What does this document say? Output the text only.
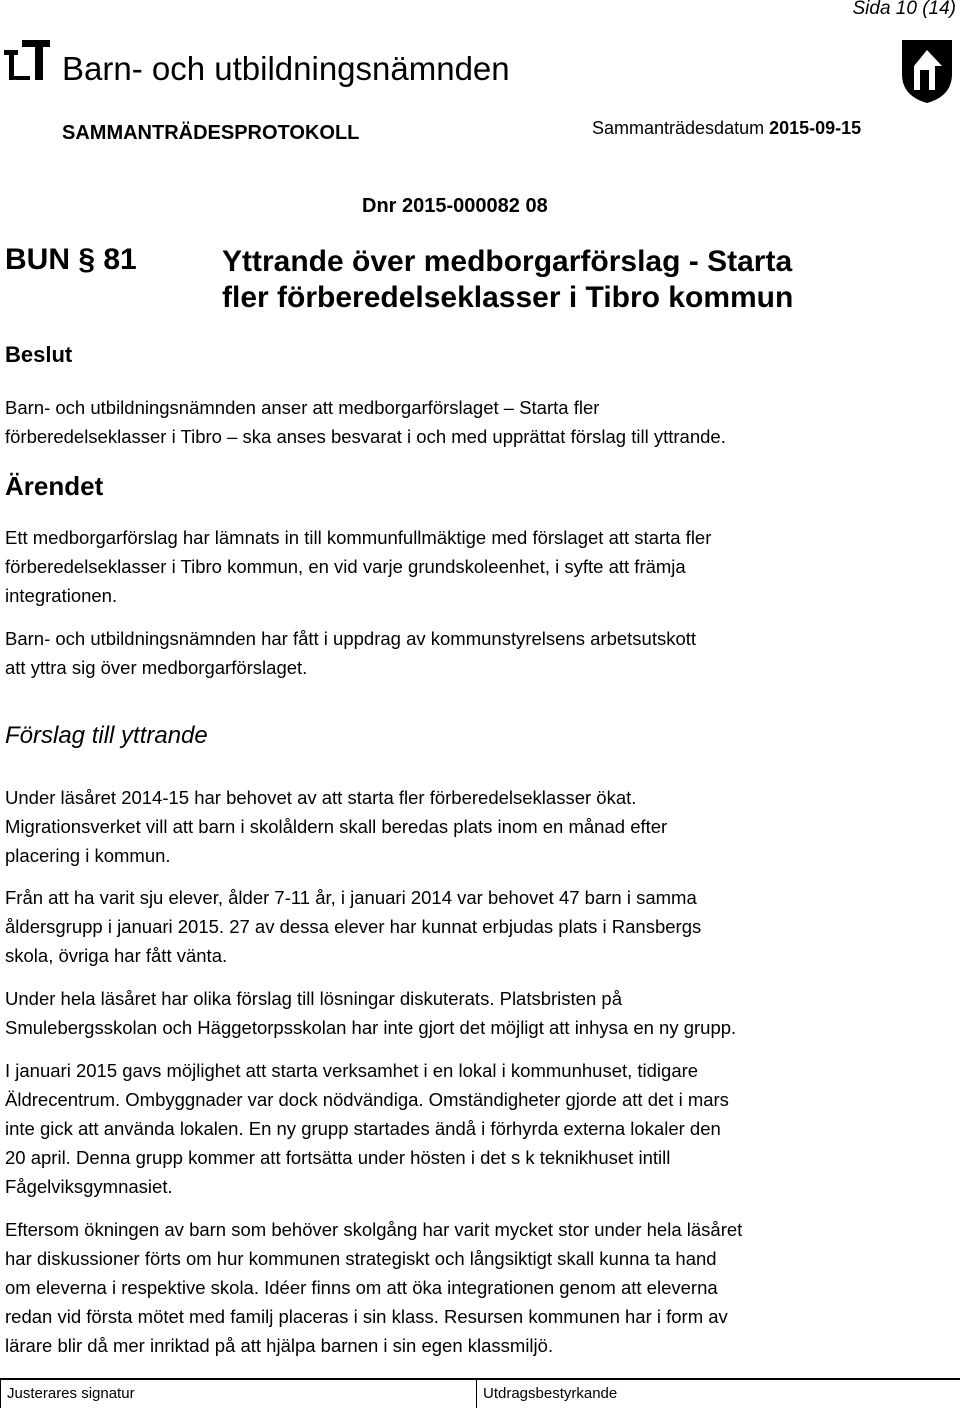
Sida 10 (14)
Barn- och utbildningsnämnden
SAMMANTRÄDESPROTOKOLL	Sammanträdesdatum 2015-09-15
Dnr 2015-000082 08
BUN § 81	Yttrande över medborgarförslag - Starta
fler förberedelseklasser i Tibro kommun
Beslut
Barn- och utbildningsnämnden anser att medborgarförslaget – Starta fler
förberedelseklasser i Tibro – ska anses besvarat i och med upprättat förslag till yttrande.
Ärendet
Ett medborgarförslag har lämnats in till kommunfullmäktige med förslaget att starta fler
förberedelseklasser i Tibro kommun, en vid varje grundskoleenhet, i syfte att främja
integrationen.
Barn- och utbildningsnämnden har fått i uppdrag av kommunstyrelsens arbetsutskott
att yttra sig över medborgarförslaget.
Förslag till yttrande
Under läsåret 2014-15 har behovet av att starta fler förberedelseklasser ökat.
Migrationsverket vill att barn i skolåldern skall beredas plats inom en månad efter
placering i kommun.
Från att ha varit sju elever, ålder 7-11 år, i januari 2014 var behovet 47 barn i samma
åldersgrupp i januari 2015. 27 av dessa elever har kunnat erbjudas plats i Ransbergs
skola, övriga har fått vänta.
Under hela läsåret har olika förslag till lösningar diskuterats. Platsbristen på
Smulebergsskolan och Häggetorpsskolan har inte gjort det möjligt att inhysa en ny grupp.
I januari 2015 gavs möjlighet att starta verksamhet i en lokal i kommunhuset, tidigare
Äldrecentrum. Ombyggnader var dock nödvändiga. Omständigheter gjorde att det i mars
inte gick att använda lokalen. En ny grupp startades ändå i förhyrda externa lokaler den
20 april. Denna grupp kommer att fortsätta under hösten i det s k teknikhuset intill
Fågelviksgymnasiet.
Eftersom ökningen av barn som behöver skolgång har varit mycket stor under hela läsåret
har diskussioner förts om hur kommunen strategiskt och långsiktigt skall kunna ta hand
om eleverna i respektive skola. Idéer finns om att öka integrationen genom att eleverna
redan vid första mötet med familj placeras i sin klass. Resursen kommunen har i form av
lärare blir då mer inriktad på att hjälpa barnen i sin egen klassmiljö.
Justerares signatur	Utdragsbestyrkande
